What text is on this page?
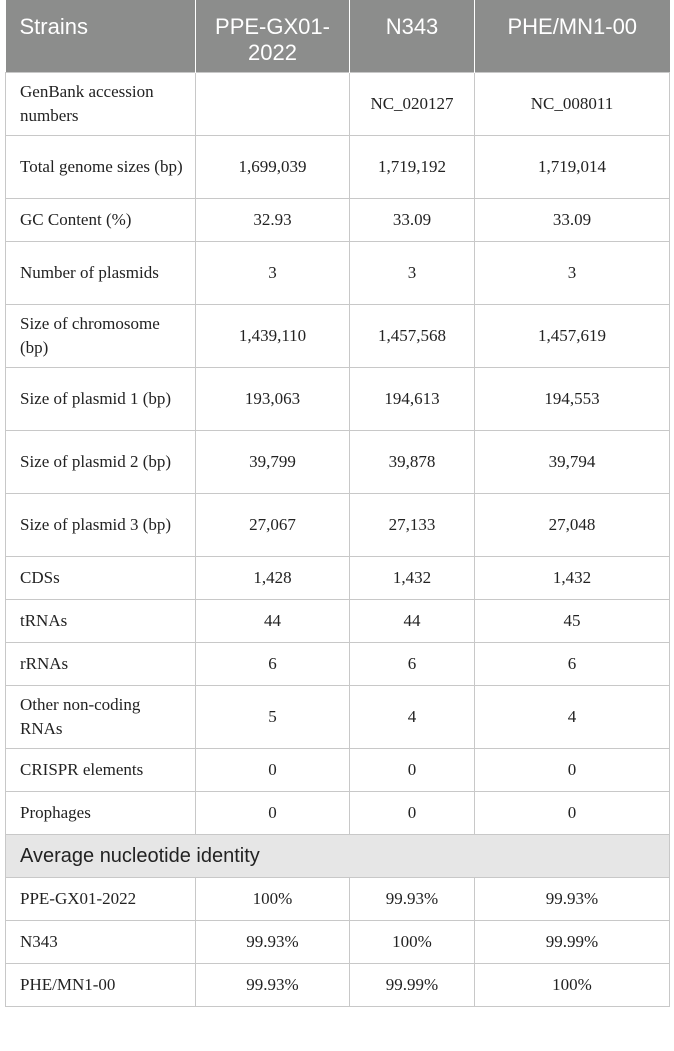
Strains	PPE-GX01-2022	N343	PHE/MN1-00
GenBank accession numbers		NC_020127	NC_008011
Total genome sizes (bp)	1,699,039	1,719,192	1,719,014
GC Content (%)	32.93	33.09	33.09
Number of plasmids	3	3	3
Size of chromosome (bp)	1,439,110	1,457,568	1,457,619
Size of plasmid 1 (bp)	193,063	194,613	194,553
Size of plasmid 2 (bp)	39,799	39,878	39,794
Size of plasmid 3 (bp)	27,067	27,133	27,048
CDSs	1,428	1,432	1,432
tRNAs	44	44	45
rRNAs	6	6	6
Other non-coding RNAs	5	4	4
CRISPR elements	0	0	0
Prophages	0	0	0
Average nucleotide identity			
PPE-GX01-2022	100%	99.93%	99.93%
N343	99.93%	100%	99.99%
PHE/MN1-00	99.93%	99.99%	100%
